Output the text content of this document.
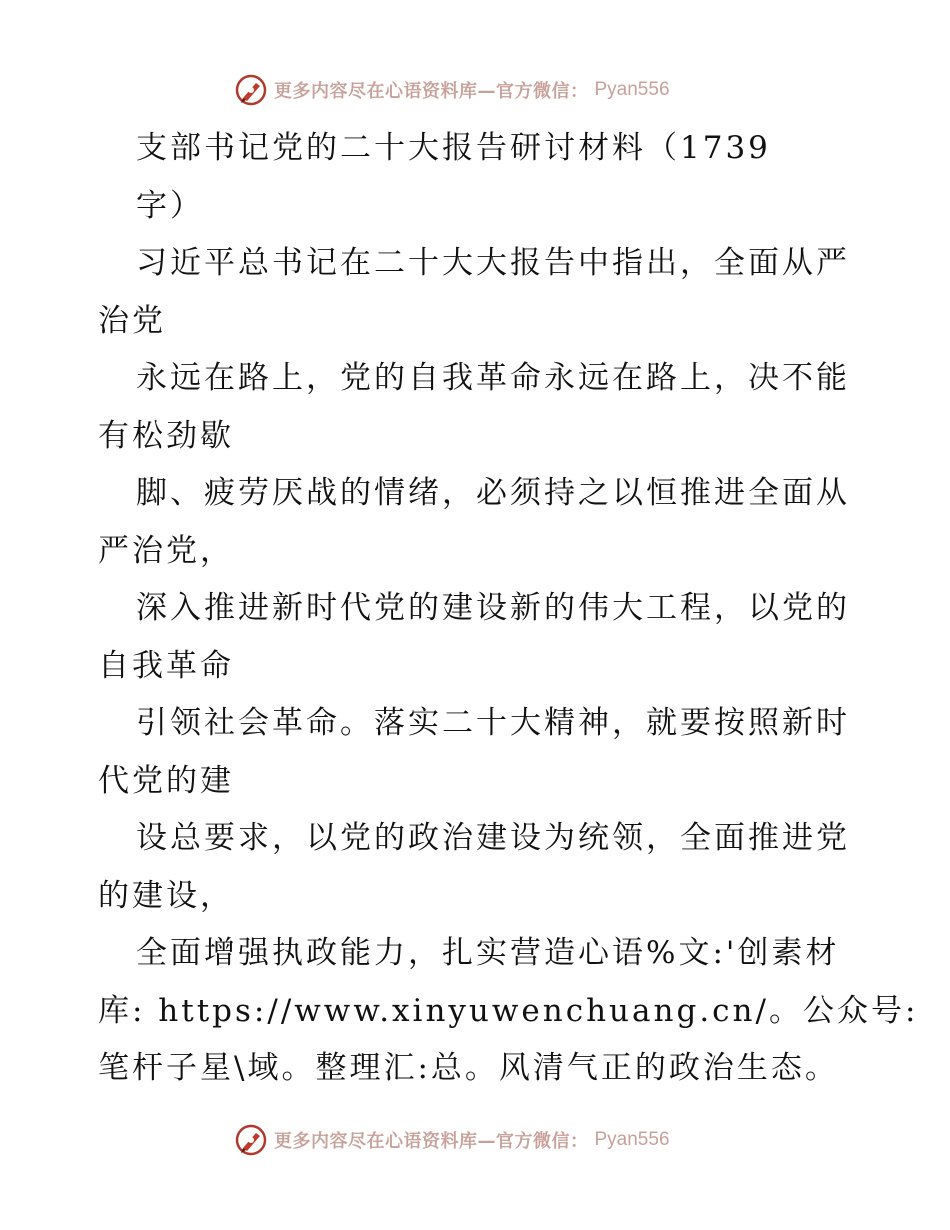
更多内容尽在心语资料库—官方微信： Pyan556
支部书记党的二十大报告研讨材料（1739
字）
习近平总书记在二十大大报告中指出，全面从严
治党
永远在路上，党的自我革命永远在路上，决不能
有松劲歇
脚、疲劳厌战的情绪，必须持之以恒推进全面从
严治党，
深入推进新时代党的建设新的伟大工程，以党的
自我革命
引领社会革命。落实二十大精神，就要按照新时
代党的建
设总要求，以党的政治建设为统领，全面推进党
的建设，
全面增强执政能力，扎实营造心语%文:'创素材
库: https://www.xinyuwenchuang.cn/。公众号:
笔杆子星\域。整理汇:总。风清气正的政治生态。
更多内容尽在心语资料库—官方微信： Pyan556
